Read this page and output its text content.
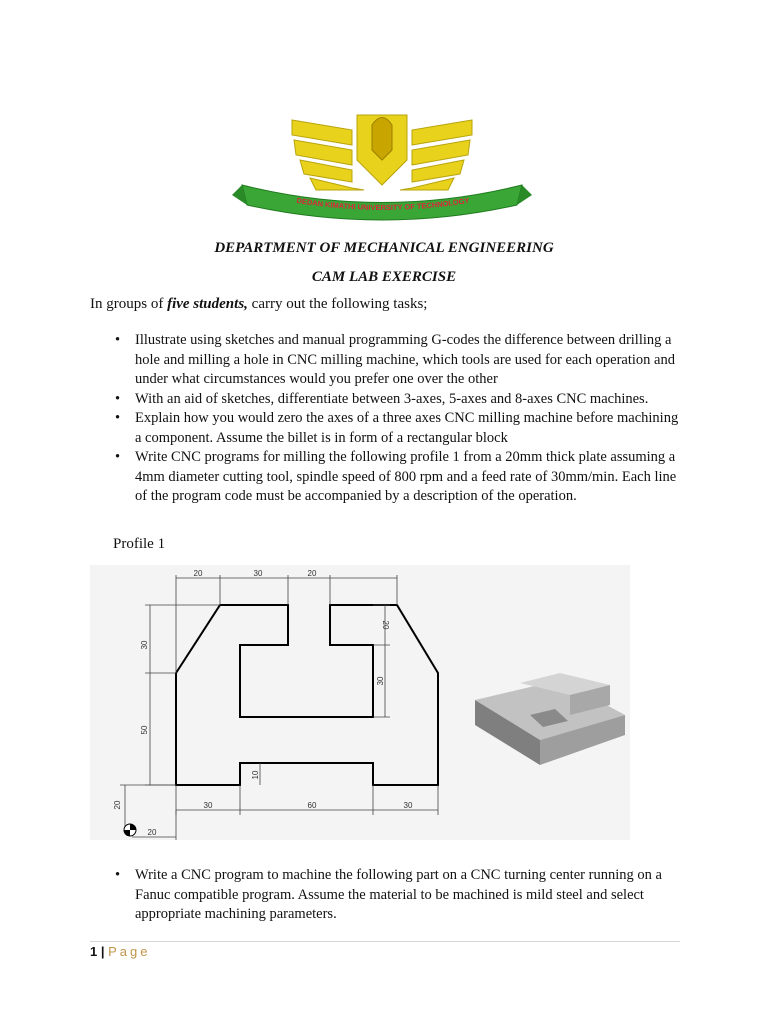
DEDAN KIMATHI UNIVERSITY OF TECHNOLOGY
DEPARTMENT OF MECHANICAL ENGINEERING
CAM LAB EXERCISE
In groups of five students, carry out the following tasks;
• Illustrate using sketches and manual programming G-codes the difference between drilling a hole and milling a hole in CNC milling machine, which tools are used for each operation and under what circumstances would you prefer one over the other
• With an aid of sketches, differentiate between 3-axes, 5-axes and 8-axes CNC machines.
• Explain how you would zero the axes of a three axes CNC milling machine before machining a component. Assume the billet is in form of a rectangular block
• Write CNC programs for milling the following profile 1 from a 20mm thick plate assuming a 4mm diameter cutting tool, spindle speed of 800 rpm and a feed rate of 30mm/min. Each line of the program code must be accompanied by a description of the operation.
Profile 1
20	30	20
30
50
20
30
10
30	60	30
20
20
• Write a CNC program to machine the following part on a CNC turning center running on a Fanuc compatible program. Assume the material to be machined is mild steel and select appropriate machining parameters.
1 | Page
